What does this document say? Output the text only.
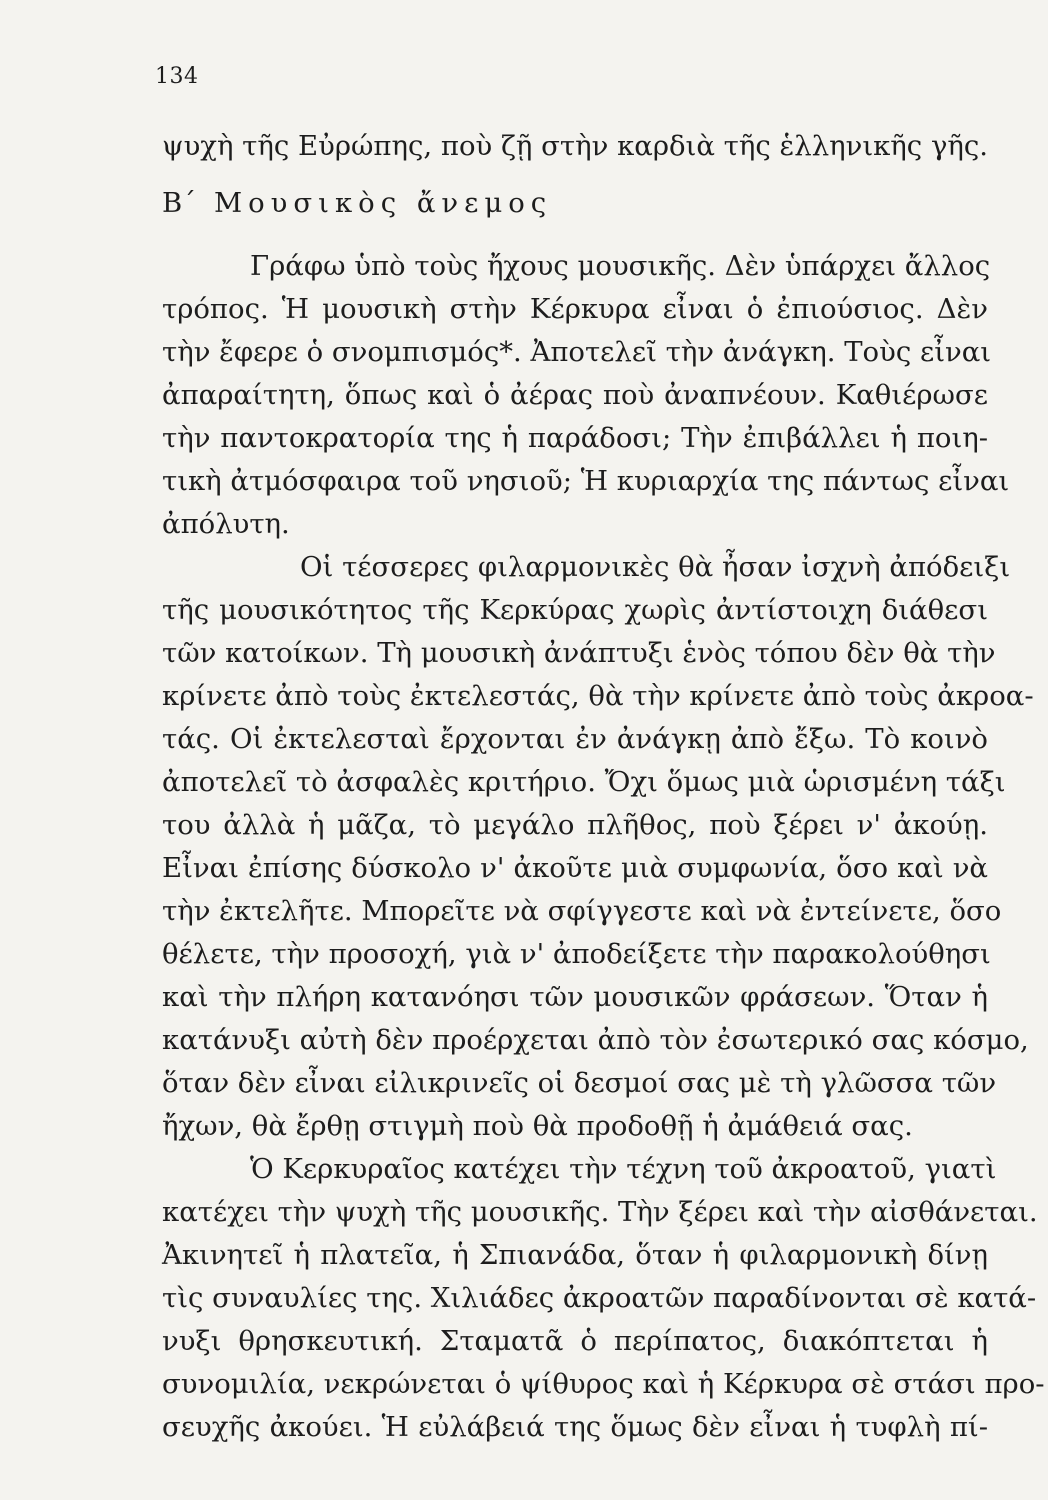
134
ψυχὴ τῆς Εὐρώπης, ποὺ ζῇ στὴν καρδιὰ τῆς ἑλληνικῆς γῆς.
Β΄ Μουσικὸς ἄνεμος
Γράφω ὑπὸ τοὺς ἤχους μουσικῆς. Δὲν ὑπάρχει ἄλλος
τρόπος. Ἡ μουσικὴ στὴν Κέρκυρα εἶναι ὁ ἐπιούσιος. Δὲν
τὴν ἔφερε ὁ σνομπισμός*. Ἀποτελεῖ τὴν ἀνάγκη. Τοὺς εἶναι
ἀπαραίτητη, ὅπως καὶ ὁ ἀέρας ποὺ ἀναπνέουν. Καθιέρωσε
τὴν παντοκρατορία της ἡ παράδοσι; Τὴν ἐπιβάλλει ἡ ποιη-
τικὴ ἀτμόσφαιρα τοῦ νησιοῦ; Ἡ κυριαρχία της πάντως εἶναι
ἀπόλυτη.
Οἱ τέσσερες φιλαρμονικὲς θὰ ἦσαν ἰσχνὴ ἀπόδειξι
τῆς μουσικότητος τῆς Κερκύρας χωρὶς ἀντίστοιχη διάθεσι
τῶν κατοίκων. Τὴ μουσικὴ ἀνάπτυξι ἑνὸς τόπου δὲν θὰ τὴν
κρίνετε ἀπὸ τοὺς ἐκτελεστάς, θὰ τὴν κρίνετε ἀπὸ τοὺς ἀκροα-
τάς. Οἱ ἐκτελεσταὶ ἔρχονται ἐν ἀνάγκῃ ἀπὸ ἔξω. Τὸ κοινὸ
ἀποτελεῖ τὸ ἀσφαλὲς κριτήριο. Ὄχι ὅμως μιὰ ὡρισμένη τάξι
του ἀλλὰ ἡ μᾶζα, τὸ μεγάλο πλῆθος, ποὺ ξέρει ν' ἀκούῃ.
Εἶναι ἐπίσης δύσκολο ν' ἀκοῦτε μιὰ συμφωνία, ὅσο καὶ νὰ
τὴν ἐκτελῆτε. Μπορεῖτε νὰ σφίγγεστε καὶ νὰ ἐντείνετε, ὅσο
θέλετε, τὴν προσοχή, γιὰ ν' ἀποδείξετε τὴν παρακολούθησι
καὶ τὴν πλήρη κατανόησι τῶν μουσικῶν φράσεων. Ὅταν ἡ
κατάνυξι αὐτὴ δὲν προέρχεται ἀπὸ τὸν ἐσωτερικό σας κόσμο,
ὅταν δὲν εἶναι εἰλικρινεῖς οἱ δεσμοί σας μὲ τὴ γλῶσσα τῶν
ἤχων, θὰ ἔρθῃ στιγμὴ ποὺ θὰ προδοθῇ ἡ ἀμάθειά σας.
Ὁ Κερκυραῖος κατέχει τὴν τέχνη τοῦ ἀκροατοῦ, γιατὶ
κατέχει τὴν ψυχὴ τῆς μουσικῆς. Τὴν ξέρει καὶ τὴν αἰσθάνεται.
Ἀκινητεῖ ἡ πλατεῖα, ἡ Σπιανάδα, ὅταν ἡ φιλαρμονικὴ δίνῃ
τὶς συναυλίες της. Χιλιάδες ἀκροατῶν παραδίνονται σὲ κατά-
νυξι θρησκευτική. Σταματᾶ ὁ περίπατος, διακόπτεται ἡ
συνομιλία, νεκρώνεται ὁ ψίθυρος καὶ ἡ Κέρκυρα σὲ στάσι προ-
σευχῆς ἀκούει. Ἡ εὐλάβειά της ὅμως δὲν εἶναι ἡ τυφλὴ πί-
